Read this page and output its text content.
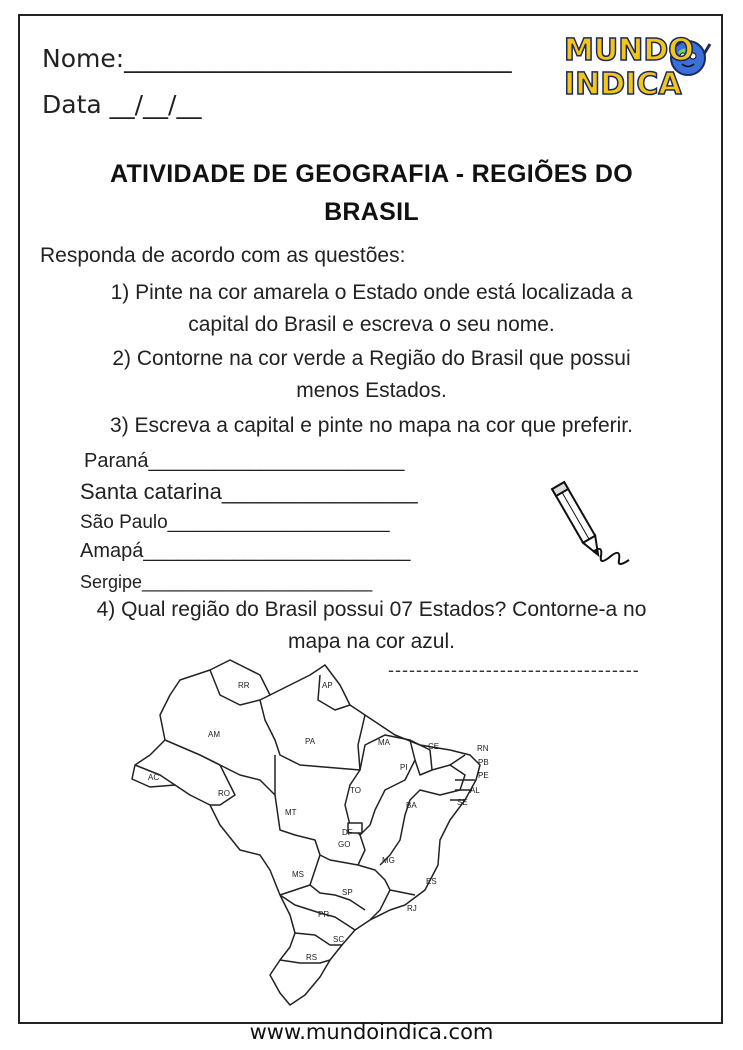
Nome:_______________________________
Data __/__/__
MUNDO
INDICA
ATIVIDADE DE GEOGRAFIA - REGIÕES DO
BRASIL
Responda de acordo com as questões:
1) Pinte na cor amarela o Estado onde está localizada a
capital do Brasil e escreva o seu nome.
2) Contorne na cor verde a Região do Brasil que possui
menos Estados.
3) Escreva a capital e pinte no mapa na cor que preferir.
Paraná_______________________
Santa catarina________________
São Paulo_____________________
Amapá________________________
Sergipe_______________________
4) Qual região do Brasil possui 07 Estados? Contorne-a no
mapa na cor azul.
------------------------------------
RR	AP
AM
PA	MA	CE	RN
PB
PE
AL
SE
PI
AC
RO	TO
BA
MT
DF
GO
MG
ES
MS
SP
RJ
PR
SC
RS
www.mundoindica.com
